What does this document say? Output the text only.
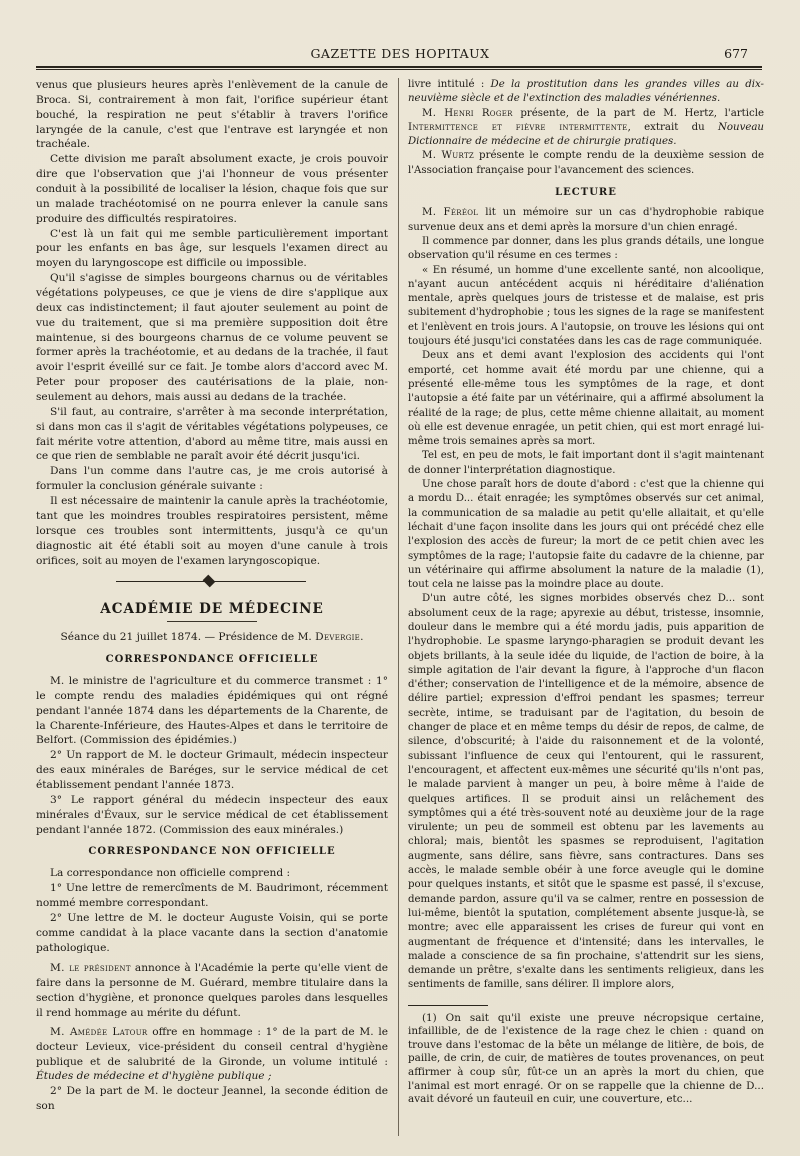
GAZETTE DES HOPITAUX	677

venus que plusieurs heures après l'enlèvement de la canule de Broca. Si, contrairement à mon fait, l'orifice supérieur étant bouché, la respiration ne peut s'établir à travers l'orifice laryngée de la canule, c'est que l'entrave est laryngée et non trachéale.

Cette division me paraît absolument exacte, je crois pouvoir dire que l'observation que j'ai l'honneur de vous présenter conduit à la possibilité de localiser la lésion, chaque fois que sur un malade trachéotomisé on ne pourra enlever la canule sans produire des difficultés respiratoires.

C'est là un fait qui me semble particulièrement important pour les enfants en bas âge, sur lesquels l'examen direct au moyen du laryngoscope est difficile ou impossible.

Qu'il s'agisse de simples bourgeons charnus ou de véritables végétations polypeuses, ce que je viens de dire s'applique aux deux cas indistinctement; il faut ajouter seulement au point de vue du traitement, que si ma première supposition doit être maintenue, si des bourgeons charnus de ce volume peuvent se former après la trachéotomie, et au dedans de la trachée, il faut avoir l'esprit éveillé sur ce fait. Je tombe alors d'accord avec M. Peter pour proposer des cautérisations de la plaie, non-seulement au dehors, mais aussi au dedans de la trachée.

S'il faut, au contraire, s'arrêter à ma seconde interprétation, si dans mon cas il s'agit de véritables végétations polypeuses, ce fait mérite votre attention, d'abord au même titre, mais aussi en ce que rien de semblable ne paraît avoir été décrit jusqu'ici.

Dans l'un comme dans l'autre cas, je me crois autorisé à formuler la conclusion générale suivante :

Il est nécessaire de maintenir la canule après la trachéotomie, tant que les moindres troubles respiratoires persistent, même lorsque ces troubles sont intermittents, jusqu'à ce qu'un diagnostic ait été établi soit au moyen d'une canule à trois orifices, soit au moyen de l'examen laryngoscopique.

ACADÉMIE DE MÉDECINE
Séance du 21 juillet 1874. — Présidence de M. Devergie.
CORRESPONDANCE OFFICIELLE

M. le ministre de l'agriculture et du commerce transmet : 1° le compte rendu des maladies épidémiques qui ont régné pendant l'année 1874 dans les départements de la Charente, de la Charente-Inférieure, des Hautes-Alpes et dans le territoire de Belfort. (Commission des épidémies.)

2° Un rapport de M. le docteur Grimault, médecin inspecteur des eaux minérales de Baréges, sur le service médical de cet établissement pendant l'année 1873.

3° Le rapport général du médecin inspecteur des eaux minérales d'Évaux, sur le service médical de cet établissement pendant l'année 1872. (Commission des eaux minérales.)

CORRESPONDANCE NON OFFICIELLE

La correspondance non officielle comprend :

1° Une lettre de remercîments de M. Baudrimont, récemment nommé membre correspondant.

2° Une lettre de M. le docteur Auguste Voisin, qui se porte comme candidat à la place vacante dans la section d'anatomie pathologique.

M. le président annonce à l'Académie la perte qu'elle vient de faire dans la personne de M. Guérard, membre titulaire dans la section d'hygiène, et prononce quelques paroles dans lesquelles il rend hommage au mérite du défunt.

M. Amédée Latour offre en hommage : 1° de la part de M. le docteur Levieux, vice-président du conseil central d'hygiène publique et de salubrité de la Gironde, un volume intitulé : Études de médecine et d'hygiène publique ;

2° De la part de M. le docteur Jeannel, la seconde édition de son

livre intitulé : De la prostitution dans les grandes villes au dix-neuvième siècle et de l'extinction des maladies vénériennes.

M. Henri Roger présente, de la part de M. Hertz, l'article Intermittence et fièvre intermittente, extrait du Nouveau Dictionnaire de médecine et de chirurgie pratiques.

M. Wurtz présente le compte rendu de la deuxième session de l'Association française pour l'avancement des sciences.

LECTURE

M. Féréol lit un mémoire sur un cas d'hydrophobie rabique survenue deux ans et demi après la morsure d'un chien enragé.

Il commence par donner, dans les plus grands détails, une longue observation qu'il résume en ces termes :

« En résumé, un homme d'une excellente santé, non alcoolique, n'ayant aucun antécédent acquis ni héréditaire d'aliénation mentale, après quelques jours de tristesse et de malaise, est pris subitement d'hydrophobie ; tous les signes de la rage se manifestent et l'enlèvent en trois jours. A l'autopsie, on trouve les lésions qui ont toujours été jusqu'ici constatées dans les cas de rage communiquée.

Deux ans et demi avant l'explosion des accidents qui l'ont emporté, cet homme avait été mordu par une chienne, qui a présenté elle-même tous les symptômes de la rage, et dont l'autopsie a été faite par un vétérinaire, qui a affirmé absolument la réalité de la rage; de plus, cette même chienne allaitait, au moment où elle est devenue enragée, un petit chien, qui est mort enragé lui-même trois semaines après sa mort.

Tel est, en peu de mots, le fait important dont il s'agit maintenant de donner l'interprétation diagnostique.

Une chose paraît hors de doute d'abord : c'est que la chienne qui a mordu D... était enragée; les symptômes observés sur cet animal, la communication de sa maladie au petit qu'elle allaitait, et qu'elle léchait d'une façon insolite dans les jours qui ont précédé chez elle l'explosion des accès de fureur; la mort de ce petit chien avec les symptômes de la rage; l'autopsie faite du cadavre de la chienne, par un vétérinaire qui affirme absolument la nature de la maladie (1), tout cela ne laisse pas la moindre place au doute.

D'un autre côté, les signes morbides observés chez D... sont absolument ceux de la rage; apyrexie au début, tristesse, insomnie, douleur dans le membre qui a été mordu jadis, puis apparition de l'hydrophobie. Le spasme laryngo-pharagien se produit devant les objets brillants, à la seule idée du liquide, de l'action de boire, à la simple agitation de l'air devant la figure, à l'approche d'un flacon d'éther; conservation de l'intelligence et de la mémoire, absence de délire partiel; expression d'effroi pendant les spasmes; terreur secrète, intime, se traduisant par de l'agitation, du besoin de changer de place et en même temps du désir de repos, de calme, de silence, d'obscurité; à l'aide du raisonnement et de la volonté, subissant l'influence de ceux qui l'entourent, qui le rassurent, l'encouragent, et affectent eux-mêmes une sécurité qu'ils n'ont pas, le malade parvient à manger un peu, à boire même à l'aide de quelques artifices. Il se produit ainsi un relâchement des symptômes qui a été très-souvent noté au deuxième jour de la rage virulente; un peu de sommeil est obtenu par les lavements au chloral; mais, bientôt les spasmes se reproduisent, l'agitation augmente, sans délire, sans fièvre, sans contractures. Dans ses accès, le malade semble obéir à une force aveugle qui le domine pour quelques instants, et sitôt que le spasme est passé, il s'excuse, demande pardon, assure qu'il va se calmer, rentre en possession de lui-même, bientôt la sputation, complétement absente jusque-là, se montre; avec elle apparaissent les crises de fureur qui vont en augmentant de fréquence et d'intensité; dans les intervalles, le malade a conscience de sa fin prochaine, s'attendrit sur les siens, demande un prêtre, s'exalte dans les sentiments religieux, dans les sentiments de famille, sans délirer. Il implore alors,

(1) On sait qu'il existe une preuve nécropsique certaine, infaillible, de de l'existence de la rage chez le chien : quand on trouve dans l'estomac de la bête un mélange de litière, de bois, de paille, de crin, de cuir, de matières de toutes provenances, on peut affirmer à coup sûr, fût-ce un an après la mort du chien, que l'animal est mort enragé. Or on se rappelle que la chienne de D... avait dévoré un fauteuil en cuir, une couverture, etc...
